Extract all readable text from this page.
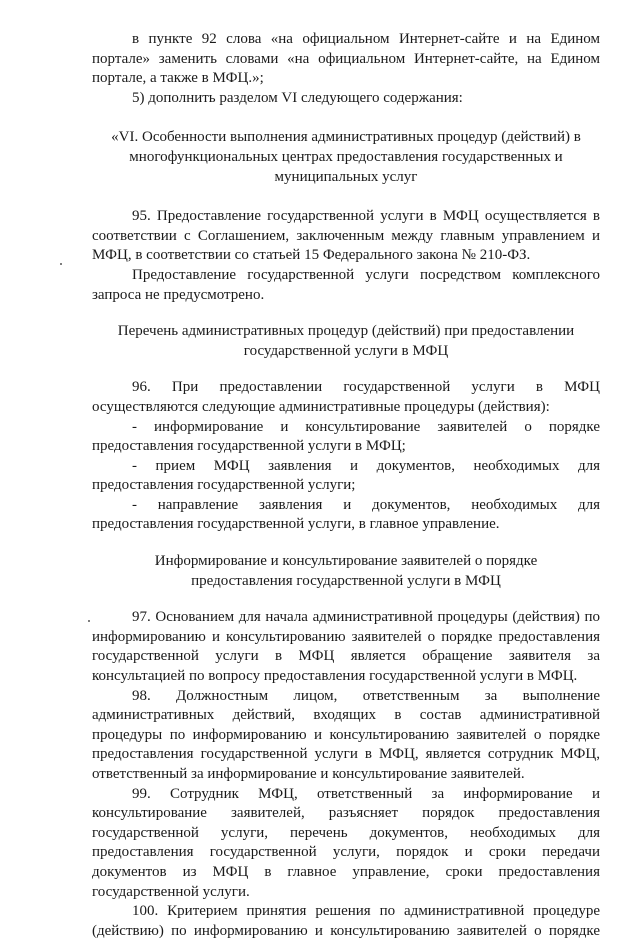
в пункте 92 слова «на официальном Интернет-сайте и на Едином портале» заменить словами «на официальном Интернет-сайте, на Едином портале, а также в МФЦ.»;

5) дополнить разделом VI следующего содержания:

«VI. Особенности выполнения административных процедур (действий) в многофункциональных центрах предоставления государственных и муниципальных услуг

95. Предоставление государственной услуги в МФЦ осуществляется в соответствии с Соглашением, заключенным между главным управлением и МФЦ, в соответствии со статьей 15 Федерального закона № 210-ФЗ.

Предоставление государственной услуги посредством комплексного запроса не предусмотрено.

Перечень административных процедур (действий) при предоставлении государственной услуги в МФЦ

96. При предоставлении государственной услуги в МФЦ осуществляются следующие административные процедуры (действия):

- информирование и консультирование заявителей о порядке предоставления государственной услуги в МФЦ;

- прием МФЦ заявления и документов, необходимых для предоставления государственной услуги;

- направление заявления и документов, необходимых для предоставления государственной услуги, в главное управление.

Информирование и консультирование заявителей о порядке предоставления государственной услуги в МФЦ

97. Основанием для начала административной процедуры (действия) по информированию и консультированию заявителей о порядке предоставления государственной услуги в МФЦ является обращение заявителя за консультацией по вопросу предоставления государственной услуги в МФЦ.

98. Должностным лицом, ответственным за выполнение административных действий, входящих в состав административной процедуры по информированию и консультированию заявителей о порядке предоставления государственной услуги в МФЦ, является сотрудник МФЦ, ответственный за информирование и консультирование заявителей.

99. Сотрудник МФЦ, ответственный за информирование и консультирование заявителей, разъясняет порядок предоставления государственной услуги, перечень документов, необходимых для предоставления государственной услуги, порядок и сроки передачи документов из МФЦ в главное управление, сроки предоставления государственной услуги.

100. Критерием принятия решения по административной процедуре (действию) по информированию и консультированию заявителей о порядке
